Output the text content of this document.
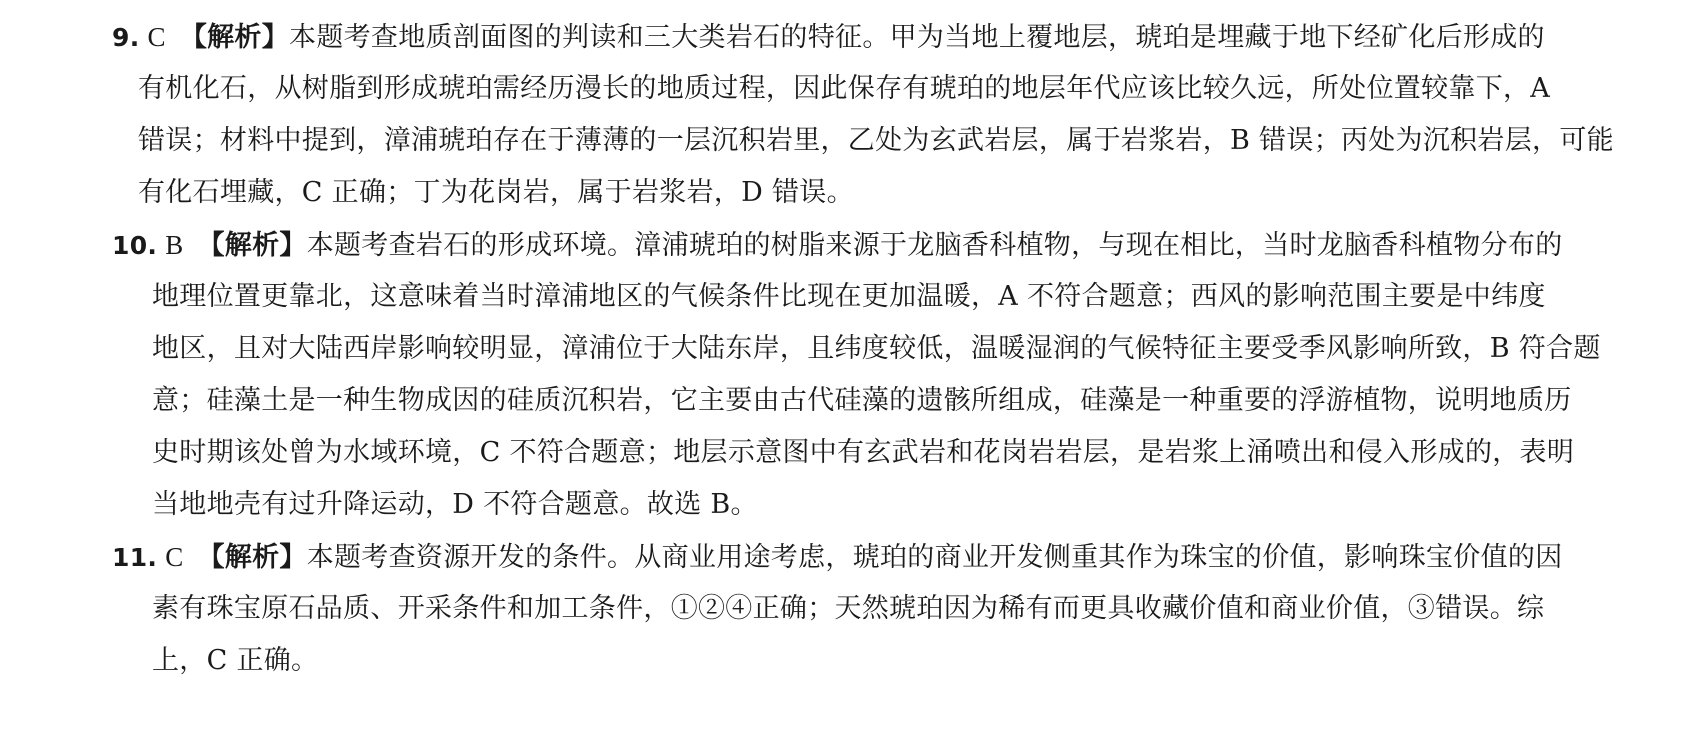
9. C 【解析】本题考查地质剖面图的判读和三大类岩石的特征。甲为当地上覆地层，琥珀是埋藏于地下经矿化后形成的
有机化石，从树脂到形成琥珀需经历漫长的地质过程，因此保存有琥珀的地层年代应该比较久远，所处位置较靠下，A
错误；材料中提到，漳浦琥珀存在于薄薄的一层沉积岩里，乙处为玄武岩层，属于岩浆岩，B 错误；丙处为沉积岩层，可能
有化石埋藏，C 正确；丁为花岗岩，属于岩浆岩，D 错误。
10. B 【解析】本题考查岩石的形成环境。漳浦琥珀的树脂来源于龙脑香科植物，与现在相比，当时龙脑香科植物分布的
地理位置更靠北，这意味着当时漳浦地区的气候条件比现在更加温暖，A 不符合题意；西风的影响范围主要是中纬度
地区，且对大陆西岸影响较明显，漳浦位于大陆东岸，且纬度较低，温暖湿润的气候特征主要受季风影响所致，B 符合题
意；硅藻土是一种生物成因的硅质沉积岩，它主要由古代硅藻的遗骸所组成，硅藻是一种重要的浮游植物，说明地质历
史时期该处曾为水域环境，C 不符合题意；地层示意图中有玄武岩和花岗岩岩层，是岩浆上涌喷出和侵入形成的，表明
当地地壳有过升降运动，D 不符合题意。故选 B。
11. C 【解析】本题考查资源开发的条件。从商业用途考虑，琥珀的商业开发侧重其作为珠宝的价值，影响珠宝价值的因
素有珠宝原石品质、开采条件和加工条件，①②④正确；天然琥珀因为稀有而更具收藏价值和商业价值，③错误。综
上，C 正确。
